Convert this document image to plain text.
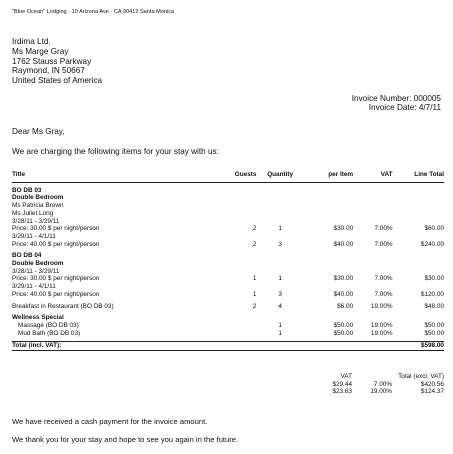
"Blue Ocean" Lodging · 10 Arizona Ave · CA 90412 Santa Monica
Irdima Ltd.
Ms Marge Gray
1762 Stauss Parkway
Raymond, IN 50667
United States of America
Invoice Number: 000005
Invoice Date: 4/7/11
Dear Ms Gray,
We are charging the following items for your stay with us:
Title	Guests	Quantity	per Item	VAT	Line Total

BO DB 03					
Double Bedroom					
Ms Patricia Brown					
Ms Juliet Long					
3/28/11 - 3/29/11					
Price: 30.00 $ per night/person	2	1	$30.00	7.00%	$60.00
3/29/11 - 4/1/11					
Price: 40.00 $ per night/person	2	3	$40.00	7.00%	$240.00

BO DB 04					
Double Bedroom					
3/28/11 - 3/29/11					
Price: 30.00 $ per night/person	1	1	$30.00	7.00%	$30.00
3/29/11 - 4/1/11					
Price: 40.00 $ per night/person	1	3	$40.00	7.00%	$120.00

Breakfast in Restaurant (BO DB 03)	2	4	$6.00	19.00%	$48.00

Wellness Special					
Massage (BO DB 03)		1	$50.00	19.00%	$50.00
Mud Bath (BO DB 03)		1	$50.00	19.00%	$50.00

Total (incl. VAT):					$598.00
	VAT		Total (excl. VAT)
	$29.44	7.00%	$420.56
	$23.63	19.00%	$124.37
We have received a cash payment for the invoice amount.
We thank you for your stay and hope to see you again in the future.
